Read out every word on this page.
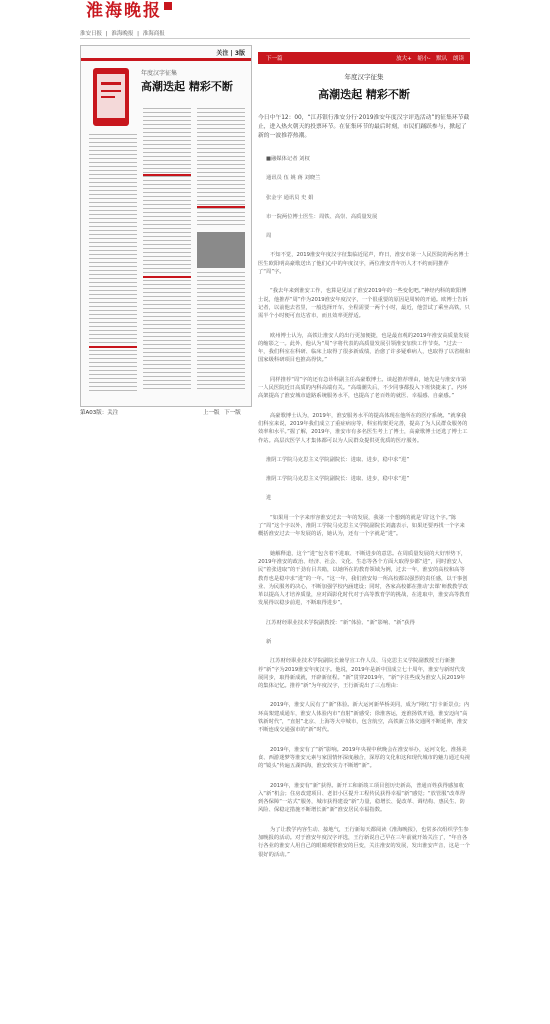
淮海晚报
淮安日报 | 淮海晚报 | 淮海商报
关注 | 3版
年度汉字征集
高潮迭起 精彩不断
第A03版：关注	上一版 下一版
下一篇	放大+ 缩小- 默认 朗读
年度汉字征集
高潮迭起 精彩不断

今日中午12：00，“江苏银行淮安分行·2019淮安年度汉字评选活动”的征集环节截止，进入热火朝天的投票环节。在征集环节的最后时刻，市民们踊跃参与，掀起了新的一波推荐热潮。

■融媒体记者 刘权

通讯员 伍 姚 蒋 刘晓兰

张金宇 通讯员 史 娟

市一院两位博士医生：周铁、高崇、高质量发展

周

不知不觉，2019淮安年度汉字征集临近尾声，昨日，淮安市第一人民医院的两名博士医生欧阳明高豪歌送出了他们心中的年度汉字，两位淮安青年历人才不约而同推荐了“周”字。

“我去年来到淮安工作，也算是见证了淮安2019年的一些变化吧。”神经内科的欧阳博士说，他推荐“周”作为2019淮安年度汉字，一个很重要的原因是周转的开通。欧博士告诉记者，以前他去省里，一般选择开车，全程需要一两个小时，最近，他尝试了乘坐高铁，只需半个小时便可直达省市，而且效率更舒适。

欧州博士认为，高铁让淮安人的出行更加便捷，也是最直观的2019年淮安高质量发展的缩影之一。此外，他认为“周”字将代表的高质量发展引领淮安加快工作节奏。“过去一年，我们科室在科研、临床上取得了很多新成绩，治愈了许多疑难病人，也取得了以省级和国家级科研项目也推高得快。”

同样推荐“周”字的还有急诊科副主任高豪歌博士。谈起推荐理由，她先是与淮安市第一人民医院近日高质的内科高端有关。“高端潮失后，不少同事都投入下班快捷来了。内环高架提高了淮安城市道路系统服务水平，也提高了老百姓的就医、幸福感、自豪感。”

高豪歌博士认为，2019年，淮安服务水平的提高体现在他所在的医疗系统。“就拿我们科室来说，2019年我们成立了重症病房等，科室构架更完善，提高了为人民群众服务的效率和水平。”握了解，2019年，淮安市有多名医生考上了博士，高豪歌博士还选了博士工作站。高层次医学人才集体都可以为人民群众提供更优质的医疗服务。

淮阴工学院马克思主义学院副院长：进取、进步，稳中求“进”

淮阴工学院马克思主义学院副院长：进取、进步，稳中求“进”

进

“如果用一个字来形容淮安过去一年的发展，我第一个想到的就是‘周’这个字。”陈了“周”这个字以外，淮阴工学院马克思主义学院副院长刘鑫表示，如果还要再找一个字来概括淮安过去一年发展的话，她认为，还有一个字就是“进”。

她解释道，这个“进”包含着不进取、不断进步的意思。在周质量发展的大好形势下，2019年淮安的政治、经济、社会、文化、生态等各个方面大取得步都“进”，同时淮安人民“着张进取”的干劲有目共睹，以她所在的教育领域为例，过去一年，淮安的高校和高等教育也是稳中求“进”的一年。“这一年，我们淮安每一所高校都以强烈的责任感，以干事创业、为民服务的决心，不断加强学校内涵建设；同时，各家高校都在推动‘去课’师教教学改革以提高人才培养质量，应对面影化时代对于高等教育学的挑战，在进取中，淮安高等教育发展得以稳步前进，不断取得进步”。

江苏财经职业技术学院副教授：“新”体验、“新”影响、“新”获得

新

江苏财经职业技术学院副院长兼导宣工作人员、马克思主义学院副教授王行新推荐“新”字为2019淮安年度汉字。他说，2019年是新中国成立七十周年，淮安与新时代发展同步，取得新成就，开辟新征程。“新”贯穿2019年，“新”字注些成为淮安人民2019年的集体记忆。推荐“新”为年度汉字，王行新说出了三点理由：

2019年，淮安人民有了“新”体验。新大运河新华桥美同，成为“网红”打卡新景点；内环高架建成通车，淮安人体验内市“直射”新感受；徐淮客运，连淮扬铁开通，淮安迈向“高铁新时代”，“直射”北京、上海等大中城市，包含航空，高铁新立体交通网不断延伸，淮安不断连成交通强市的“新”时代。

2019年，淮安有了“新”影响。2019年央视中秋晚会在淮安举办，运河文化、淮扬美食、西游迷梦等淮安元素与家国情怀深度融合，深厚的文化和这和现代城市的魅力通过央视的“镜头”传遍五湖四海，淮安软实力不断增“新”。

2019年，淮安有“新”获得。新开工和新竣工项目创历史新高，普通百姓获得感加收入“新”机会；住房改建项目、老旧小区提升工程传民获得幸福“新”感觉；“放管服”改革得到各保障“一站式”服务，城市获得建设“新”力量，稳增长、促改革、调结构、惠民生、防风险、保稳定措施不断增长新“新”淮安居民幸福指数。

为了让教学内容生动、接地气，王行新每天都阅读《淮海晚报》，也常多次组织学生参加晚报的活动。对于淮安年度汉字评选，王行新说自己早在三年前就开始关注了，“年自各行各业的淮安人用自己的眼睛观察淮安的巨变，关注淮安的发展，发出淮安声音，这是一个很好的活动。”
